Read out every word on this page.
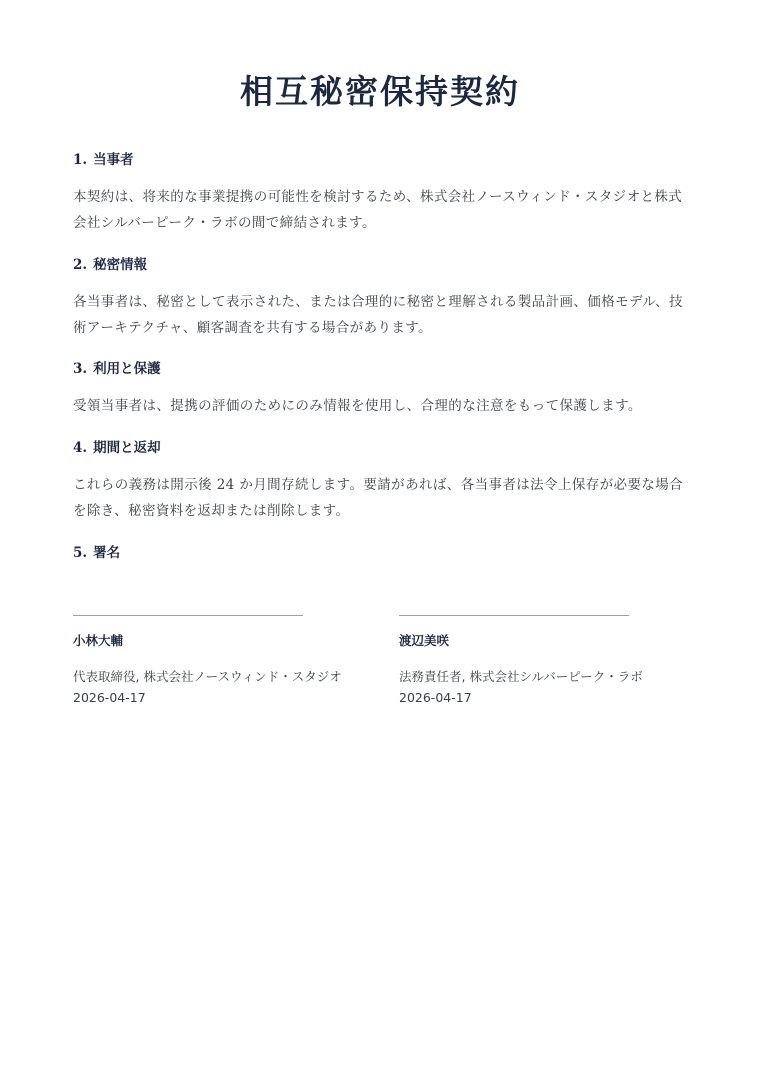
相互秘密保持契約
1. 当事者

本契約は、将来的な事業提携の可能性を検討するため、株式会社ノースウィンド・スタジオと株式会社シルバーピーク・ラボの間で締結されます。

2. 秘密情報

各当事者は、秘密として表示された、または合理的に秘密と理解される製品計画、価格モデル、技術アーキテクチャ、顧客調査を共有する場合があります。

3. 利用と保護

受領当事者は、提携の評価のためにのみ情報を使用し、合理的な注意をもって保護します。

4. 期間と返却

これらの義務は開示後 24 か月間存続します。要請があれば、各当事者は法令上保存が必要な場合を除き、秘密資料を返却または削除します。

5. 署名
小林大輔
代表取締役, 株式会社ノースウィンド・スタジオ
2026-04-17
渡辺美咲
法務責任者, 株式会社シルバーピーク・ラボ
2026-04-17
